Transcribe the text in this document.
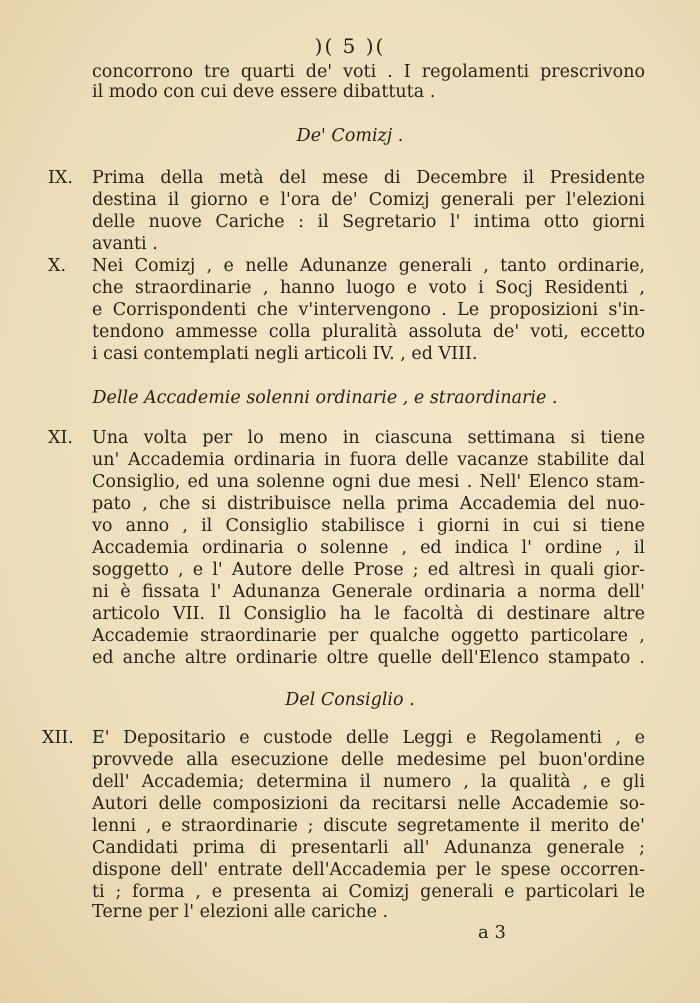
)( 5 )(
concorrono tre quarti de' voti . I regolamenti prescrivono
il modo con cui deve essere dibattuta .
De' Comizj .
IX. Prima della metà del mese di Decembre il Presidente
destina il giorno e l'ora de' Comizj generali per l'elezioni
delle nuove Cariche : il Segretario l' intima otto giorni
avanti .
X. Nei Comizj , e nelle Adunanze generali , tanto ordinarie,
che straordinarie , hanno luogo e voto i Socj Residenti ,
e Corrispondenti che v'intervengono . Le proposizioni s'in-
tendono ammesse colla pluralità assoluta de' voti, eccetto
i casi contemplati negli articoli IV. , ed VIII.
Delle Accademie solenni ordinarie , e straordinarie .
XI. Una volta per lo meno in ciascuna settimana si tiene
un' Accademia ordinaria in fuora delle vacanze stabilite dal
Consiglio, ed una solenne ogni due mesi . Nell' Elenco stam-
pato , che si distribuisce nella prima Accademia del nuo-
vo anno , il Consiglio stabilisce i giorni in cui si tiene
Accademia ordinaria o solenne , ed indica l' ordine , il
soggetto , e l' Autore delle Prose ; ed altresì in quali gior-
ni è fissata l' Adunanza Generale ordinaria a norma dell'
articolo VII. Il Consiglio ha le facoltà di destinare altre
Accademie straordinarie per qualche oggetto particolare ,
ed anche altre ordinarie oltre quelle dell'Elenco stampato .
Del Consiglio .
XII. E' Depositario e custode delle Leggi e Regolamenti , e
provvede alla esecuzione delle medesime pel buon'ordine
dell' Accademia; determina il numero , la qualità , e gli
Autori delle composizioni da recitarsi nelle Accademie so-
lenni , e straordinarie ; discute segretamente il merito de'
Candidati prima di presentarli all' Adunanza generale ;
dispone dell' entrate dell'Accademia per le spese occorren-
ti ; forma , e presenta ai Comizj generali e particolari le
Terne per l' elezioni alle cariche .
a 3
